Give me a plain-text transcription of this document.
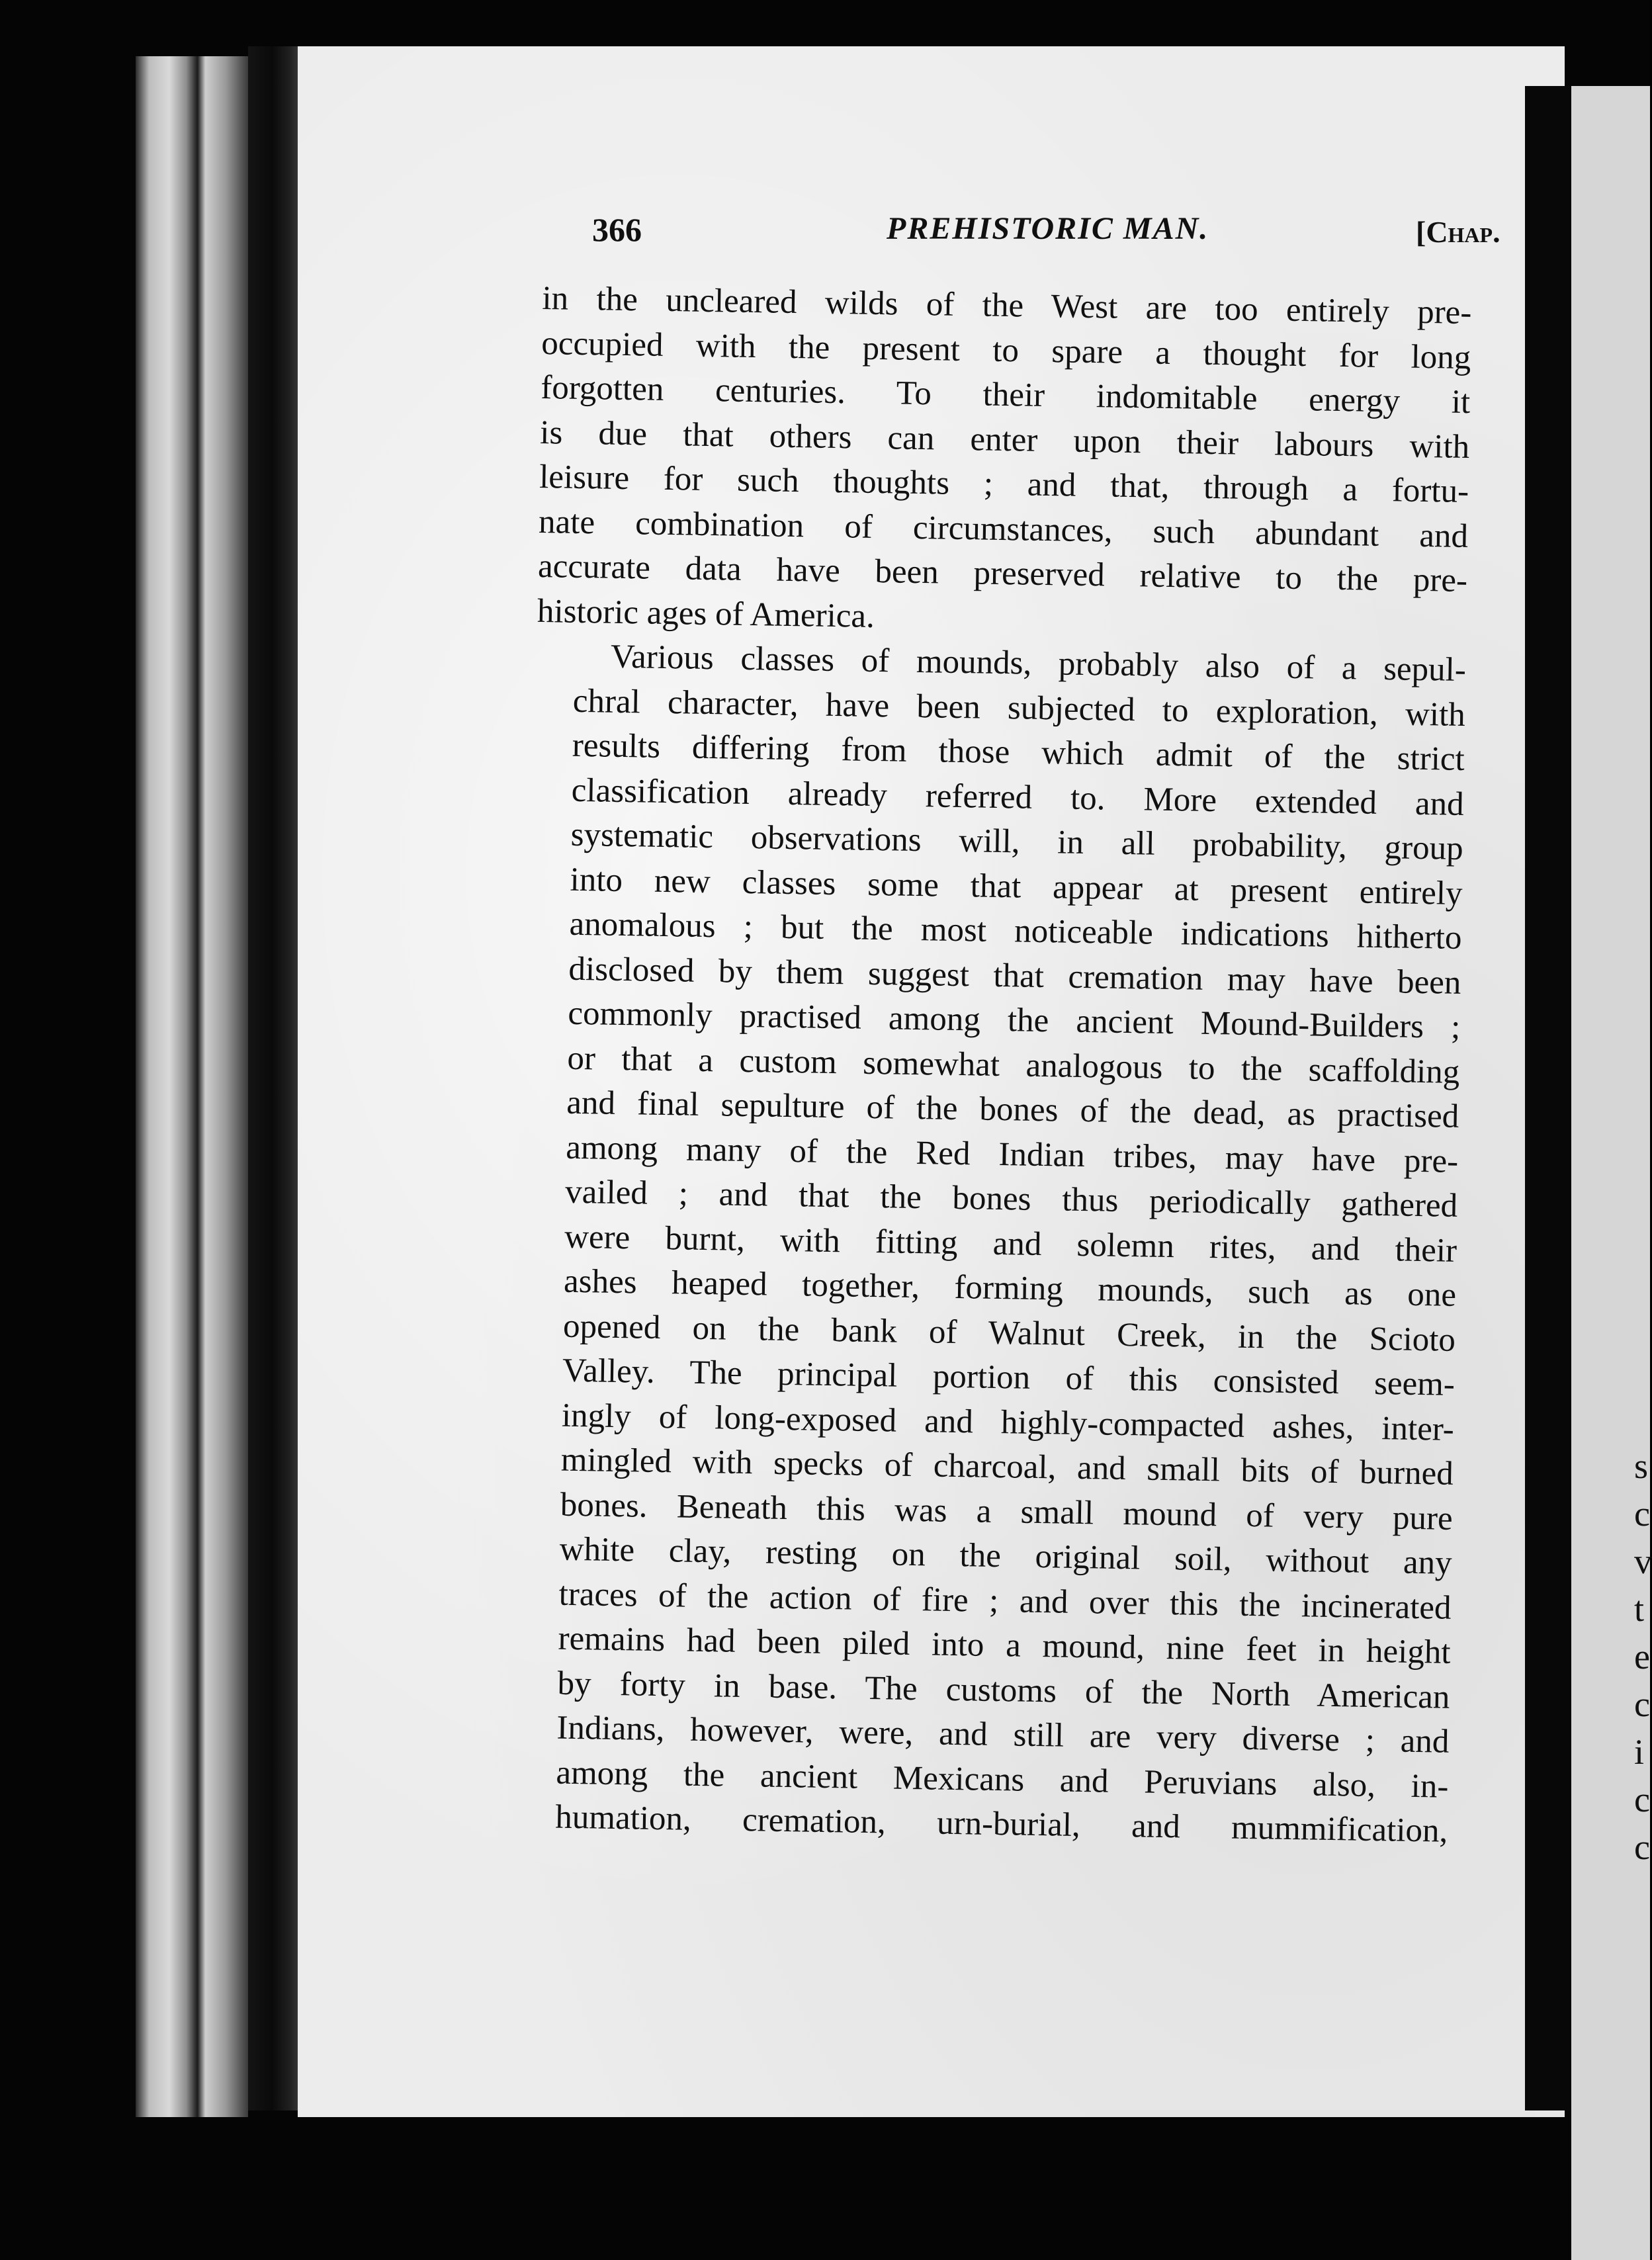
s
c
v
t
e
c
i
c
c
366	PREHISTORIC MAN.	[Chap.
in the uncleared wilds of the West are too entirely pre-
occupied with the present to spare a thought for long
forgotten centuries. To their indomitable energy it
is due that others can enter upon their labours with
leisure for such thoughts ; and that, through a fortu-
nate combination of circumstances, such abundant and
accurate data have been preserved relative to the pre-
historic ages of America.
Various classes of mounds, probably also of a sepul-
chral character, have been subjected to exploration, with
results differing from those which admit of the strict
classification already referred to. More extended and
systematic observations will, in all probability, group
into new classes some that appear at present entirely
anomalous ; but the most noticeable indications hitherto
disclosed by them suggest that cremation may have been
commonly practised among the ancient Mound-Builders ;
or that a custom somewhat analogous to the scaffolding
and final sepulture of the bones of the dead, as practised
among many of the Red Indian tribes, may have pre-
vailed ; and that the bones thus periodically gathered
were burnt, with fitting and solemn rites, and their
ashes heaped together, forming mounds, such as one
opened on the bank of Walnut Creek, in the Scioto
Valley. The principal portion of this consisted seem-
ingly of long-exposed and highly-compacted ashes, inter-
mingled with specks of charcoal, and small bits of burned
bones. Beneath this was a small mound of very pure
white clay, resting on the original soil, without any
traces of the action of fire ; and over this the incinerated
remains had been piled into a mound, nine feet in height
by forty in base. The customs of the North American
Indians, however, were, and still are very diverse ; and
among the ancient Mexicans and Peruvians also, in-
humation, cremation, urn-burial, and mummification,
